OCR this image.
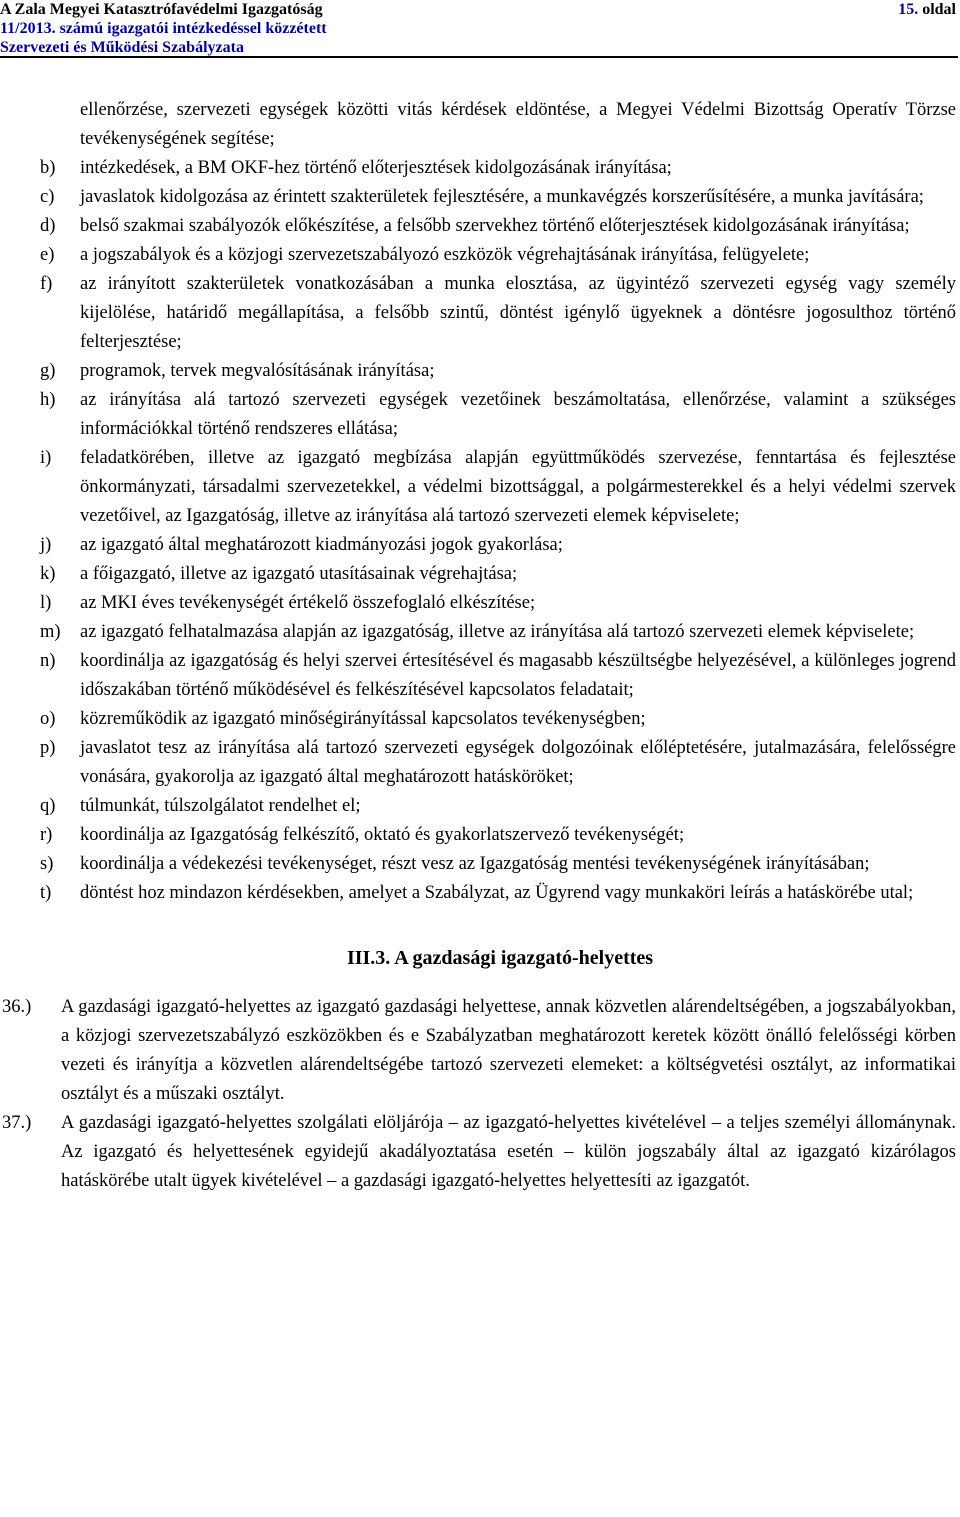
A Zala Megyei Katasztrófavédelmi Igazgatóság
11/2013. számú igazgatói intézkedéssel közzétett
Szervezeti és Működési Szabályzata
15. oldal
ellenőrzése, szervezeti egységek közötti vitás kérdések eldöntése, a Megyei Védelmi Bizottság Operatív Törzse tevékenységének segítése;
b) intézkedések, a BM OKF-hez történő előterjesztések kidolgozásának irányítása;
c) javaslatok kidolgozása az érintett szakterületek fejlesztésére, a munkavégzés korszerűsítésére, a munka javítására;
d) belső szakmai szabályozók előkészítése, a felsőbb szervekhez történő előterjesztések kidolgozásának irányítása;
e) a jogszabályok és a közjogi szervezetszabályozó eszközök végrehajtásának irányítása, felügyelete;
f) az irányított szakterületek vonatkozásában a munka elosztása, az ügyintéző szervezeti egység vagy személy kijelölése, határidő megállapítása, a felsőbb szintű, döntést igénylő ügyeknek a döntésre jogosulthoz történő felterjesztése;
g) programok, tervek megvalósításának irányítása;
h) az irányítása alá tartozó szervezeti egységek vezetőinek beszámoltatása, ellenőrzése, valamint a szükséges információkkal történő rendszeres ellátása;
i) feladatkörében, illetve az igazgató megbízása alapján együttműködés szervezése, fenntartása és fejlesztése önkormányzati, társadalmi szervezetekkel, a védelmi bizottsággal, a polgármesterekkel és a helyi védelmi szervek vezetőivel, az Igazgatóság, illetve az irányítása alá tartozó szervezeti elemek képviselete;
j) az igazgató által meghatározott kiadmányozási jogok gyakorlása;
k) a főigazgató, illetve az igazgató utasításainak végrehajtása;
l) az MKI éves tevékenységét értékelő összefoglaló elkészítése;
m) az igazgató felhatalmazása alapján az igazgatóság, illetve az irányítása alá tartozó szervezeti elemek képviselete;
n) koordinálja az igazgatóság és helyi szervei értesítésével és magasabb készültségbe helyezésével, a különleges jogrend időszakában történő működésével és felkészítésével kapcsolatos feladatait;
o) közreműködik az igazgató minőségirányítással kapcsolatos tevékenységben;
p) javaslatot tesz az irányítása alá tartozó szervezeti egységek dolgozóinak előléptetésére, jutalmazására, felelősségre vonására, gyakorolja az igazgató által meghatározott hatásköröket;
q) túlmunkát, túlszolgálatot rendelhet el;
r) koordinálja az Igazgatóság felkészítő, oktató és gyakorlatszervező tevékenységét;
s) koordinálja a védekezési tevékenységet, részt vesz az Igazgatóság mentési tevékenységének irányításában;
t) döntést hoz mindazon kérdésekben, amelyet a Szabályzat, az Ügyrend vagy munkaköri leírás a hatáskörébe utal;
III.3. A gazdasági igazgató-helyettes
36.) A gazdasági igazgató-helyettes az igazgató gazdasági helyettese, annak közvetlen alárendeltségében, a jogszabályokban, a közjogi szervezetszabályzó eszközökben és e Szabályzatban meghatározott keretek között önálló felelősségi körben vezeti és irányítja a közvetlen alárendeltségébe tartozó szervezeti elemeket: a költségvetési osztályt, az informatikai osztályt és a műszaki osztályt.
37.) A gazdasági igazgató-helyettes szolgálati elöljárója – az igazgató-helyettes kivételével – a teljes személyi állománynak. Az igazgató és helyettesének egyidejű akadályoztatása esetén – külön jogszabály által az igazgató kizárólagos hatáskörébe utalt ügyek kivételével – a gazdasági igazgató-helyettes helyettesíti az igazgatót.
